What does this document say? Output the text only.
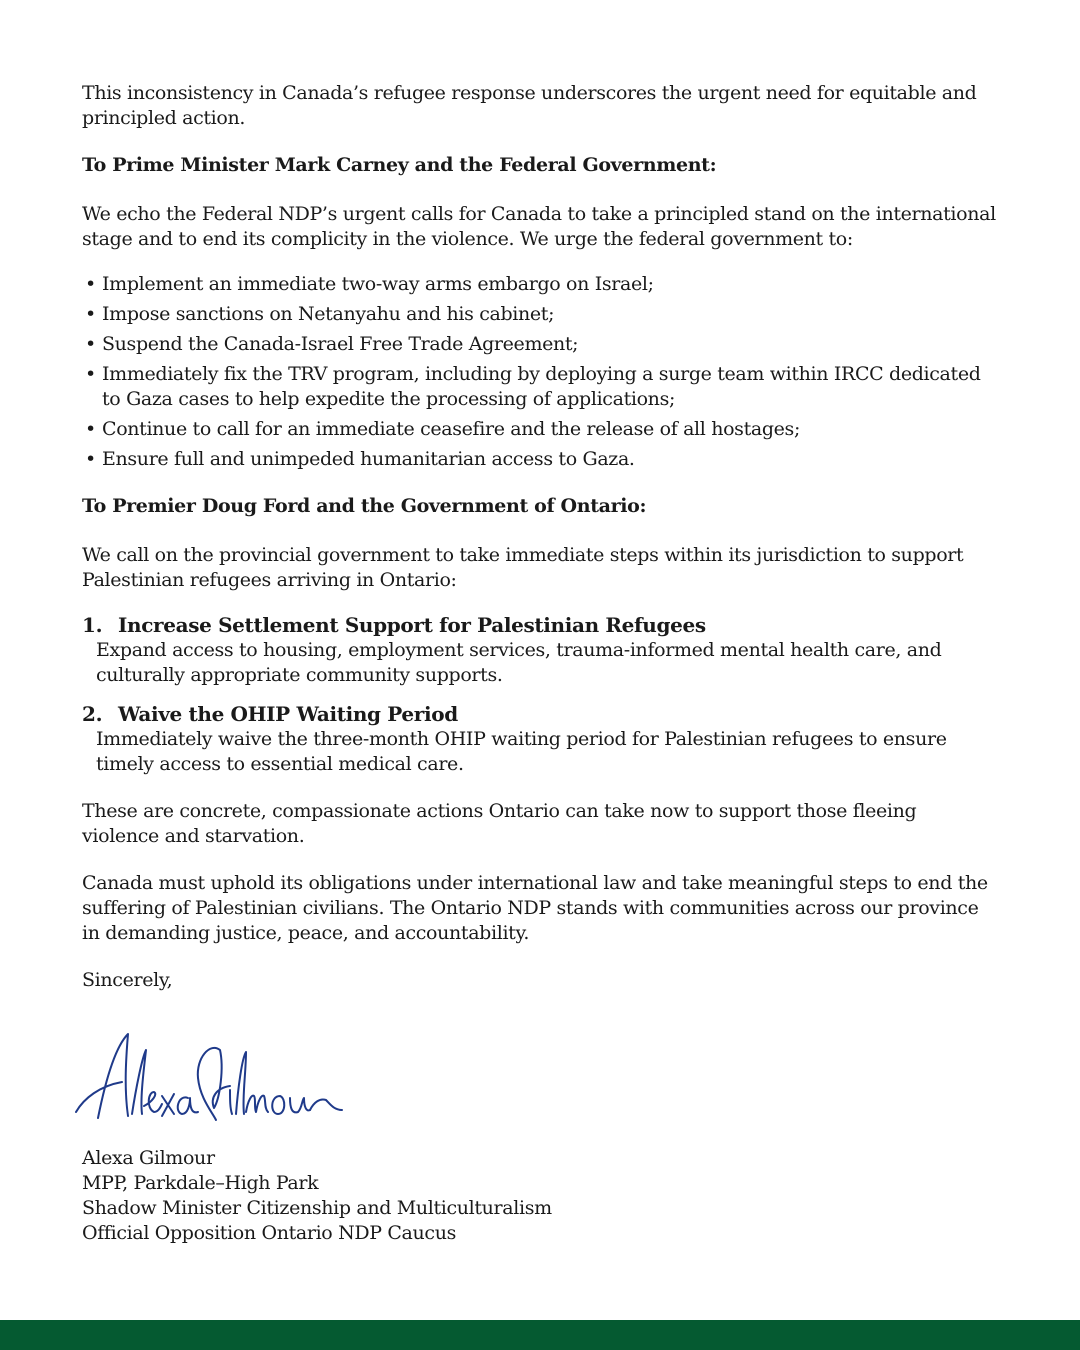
This inconsistency in Canada’s refugee response underscores the urgent need for equitable and principled action.

To Prime Minister Mark Carney and the Federal Government:

We echo the Federal NDP’s urgent calls for Canada to take a principled stand on the international stage and to end its complicity in the violence. We urge the federal government to:

• Implement an immediate two-way arms embargo on Israel;
• Impose sanctions on Netanyahu and his cabinet;
• Suspend the Canada-Israel Free Trade Agreement;
• Immediately fix the TRV program, including by deploying a surge team within IRCC dedicated to Gaza cases to help expedite the processing of applications;
• Continue to call for an immediate ceasefire and the release of all hostages;
• Ensure full and unimpeded humanitarian access to Gaza.

To Premier Doug Ford and the Government of Ontario:

We call on the provincial government to take immediate steps within its jurisdiction to support Palestinian refugees arriving in Ontario:

1. Increase Settlement Support for Palestinian Refugees
Expand access to housing, employment services, trauma-informed mental health care, and culturally appropriate community supports.
2. Waive the OHIP Waiting Period
Immediately waive the three-month OHIP waiting period for Palestinian refugees to ensure timely access to essential medical care.

These are concrete, compassionate actions Ontario can take now to support those fleeing violence and starvation.

Canada must uphold its obligations under international law and take meaningful steps to end the suffering of Palestinian civilians. The Ontario NDP stands with communities across our province in demanding justice, peace, and accountability.

Sincerely,

Alexa Gilmour
MPP, Parkdale–High Park
Shadow Minister Citizenship and Multiculturalism
Official Opposition Ontario NDP Caucus
